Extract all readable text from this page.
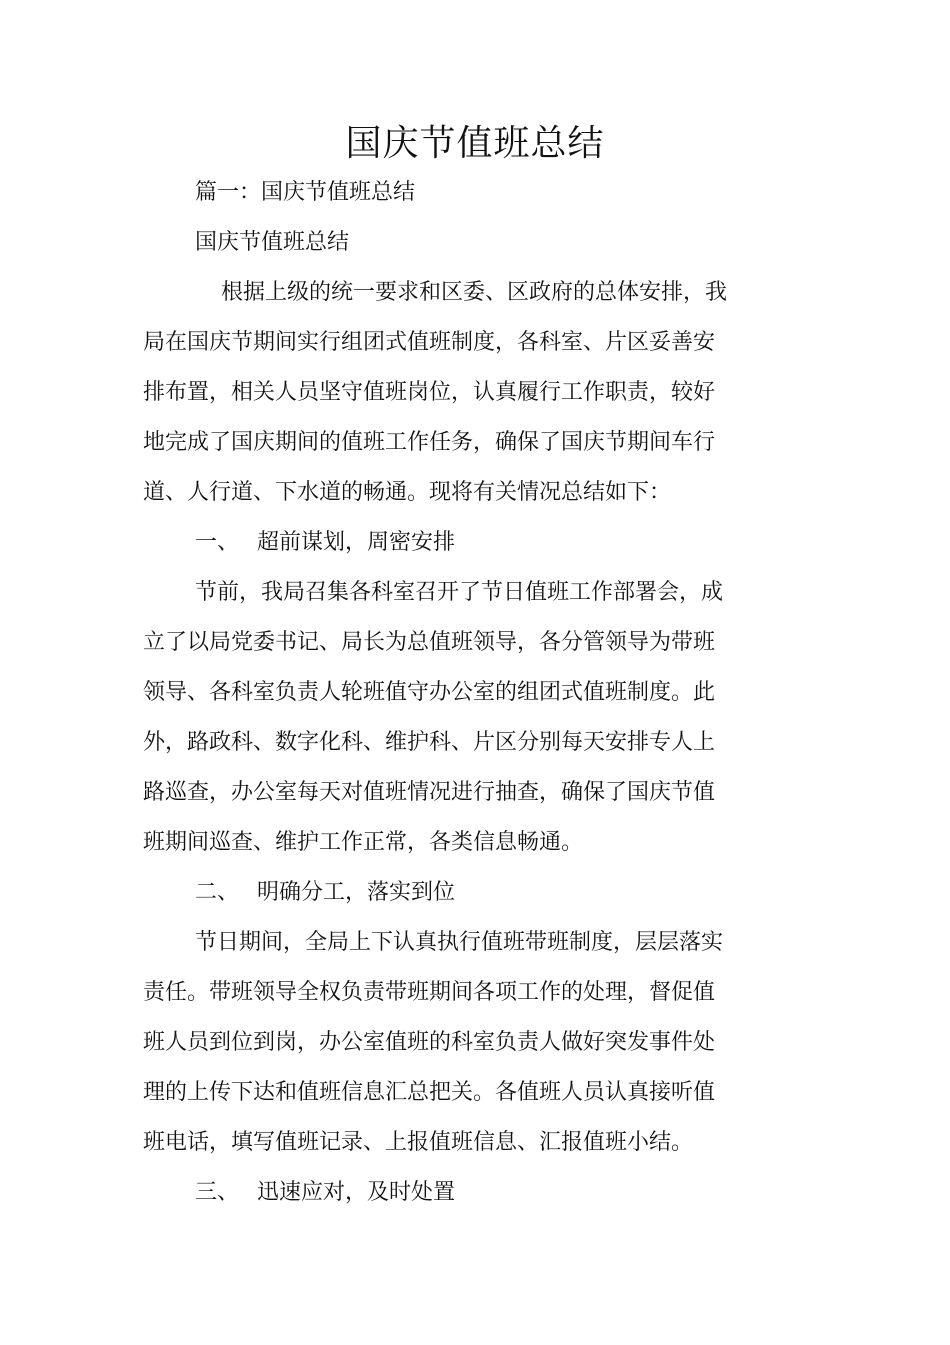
国庆节值班总结

篇一：国庆节值班总结

国庆节值班总结

根据上级的统一要求和区委、区政府的总体安排，我

局在国庆节期间实行组团式值班制度，各科室、片区妥善安

排布置，相关人员坚守值班岗位，认真履行工作职责，较好

地完成了国庆期间的值班工作任务，确保了国庆节期间车行

道、人行道、下水道的畅通。现将有关情况总结如下：

一、 超前谋划，周密安排

节前，我局召集各科室召开了节日值班工作部署会，成

立了以局党委书记、局长为总值班领导，各分管领导为带班

领导、各科室负责人轮班值守办公室的组团式值班制度。此

外，路政科、数字化科、维护科、片区分别每天安排专人上

路巡查，办公室每天对值班情况进行抽查，确保了国庆节值

班期间巡查、维护工作正常，各类信息畅通。

二、 明确分工，落实到位

节日期间，全局上下认真执行值班带班制度，层层落实

责任。带班领导全权负责带班期间各项工作的处理，督促值

班人员到位到岗，办公室值班的科室负责人做好突发事件处

理的上传下达和值班信息汇总把关。各值班人员认真接听值

班电话，填写值班记录、上报值班信息、汇报值班小结。

三、 迅速应对，及时处置
